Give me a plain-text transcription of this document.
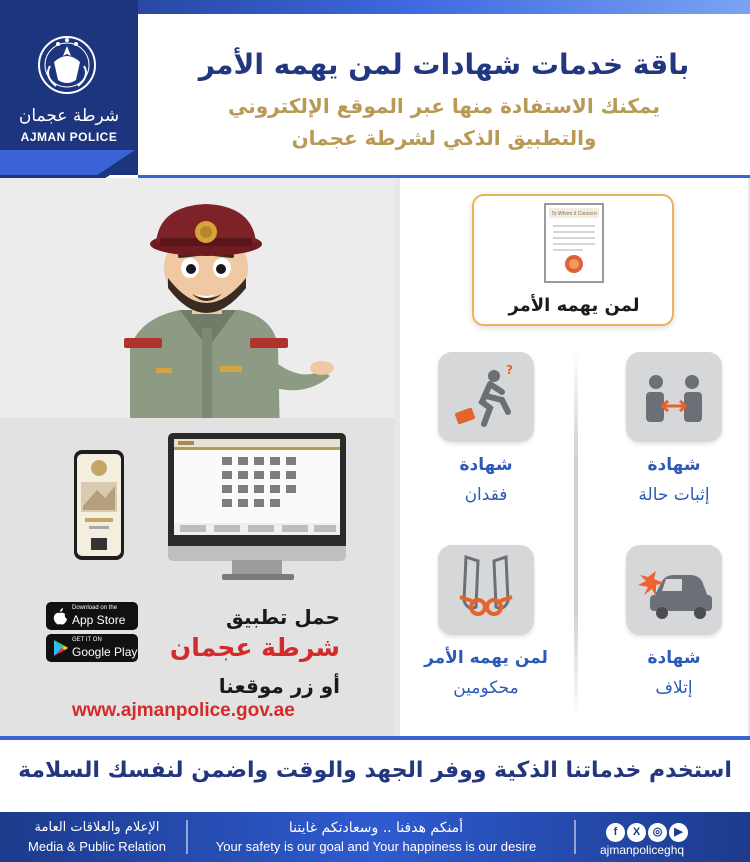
شرطة عجمان
AJMAN POLICE
باقة خدمات شهادات لمن يهمه الأمر
يمكنك الاستفادة منها عبر الموقع الإلكتروني
والتطبيق الذكي لشرطة عجمان
Download on the
App Store
GET IT ON
Google Play
حمل تطبيق
شرطة عجمان
أو زر موقعنا
www.ajmanpolice.gov.ae
To Whom it Concern
لمن يهمه الأمر
شهادة
إثبات حالة
?
شهادة
فقدان
شهادة
إتلاف
لمن يهمه الأمر
محكومين
استخدم خدماتنا الذكية ووفر الجهد والوقت واضمن لنفسك السلامة
f X ◎ ▶
ajmanpoliceghq
أمنكم هدفنا .. وسعادتكم غايتنا
Your safety is our goal and Your happiness is our desire
الإعلام والعلاقات العامة
Media & Public Relation
